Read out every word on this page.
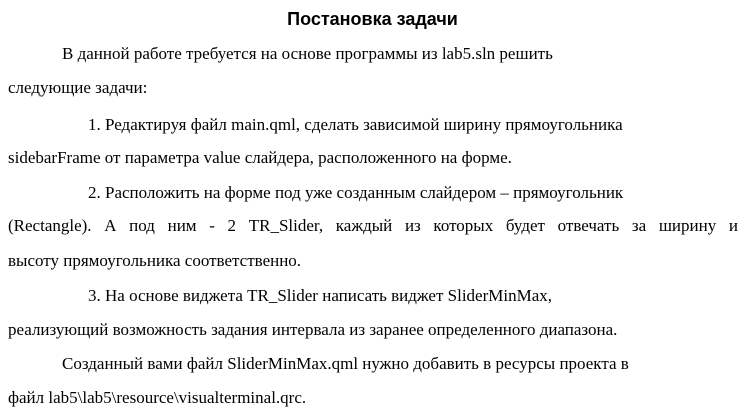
Постановка задачи
В данной работе требуется на основе программы из lab5.sln решить
следующие задачи:
1. Редактируя файл main.qml, сделать зависимой ширину прямоугольника
sidebarFrame от параметра value слайдера, расположенного на форме.
2. Расположить на форме под уже созданным слайдером – прямоугольник
(Rectangle). А под ним - 2 TR_Slider, каждый из которых будет отвечать за ширину и
высоту прямоугольника соответственно.
3. На основе виджета TR_Slider написать виджет SliderMinMax,
реализующий возможность задания интервала из заранее определенного диапазона.
Созданный вами файл SliderMinMax.qml нужно добавить в ресурсы проекта в
файл lab5\lab5\resource\visualterminal.qrc.
